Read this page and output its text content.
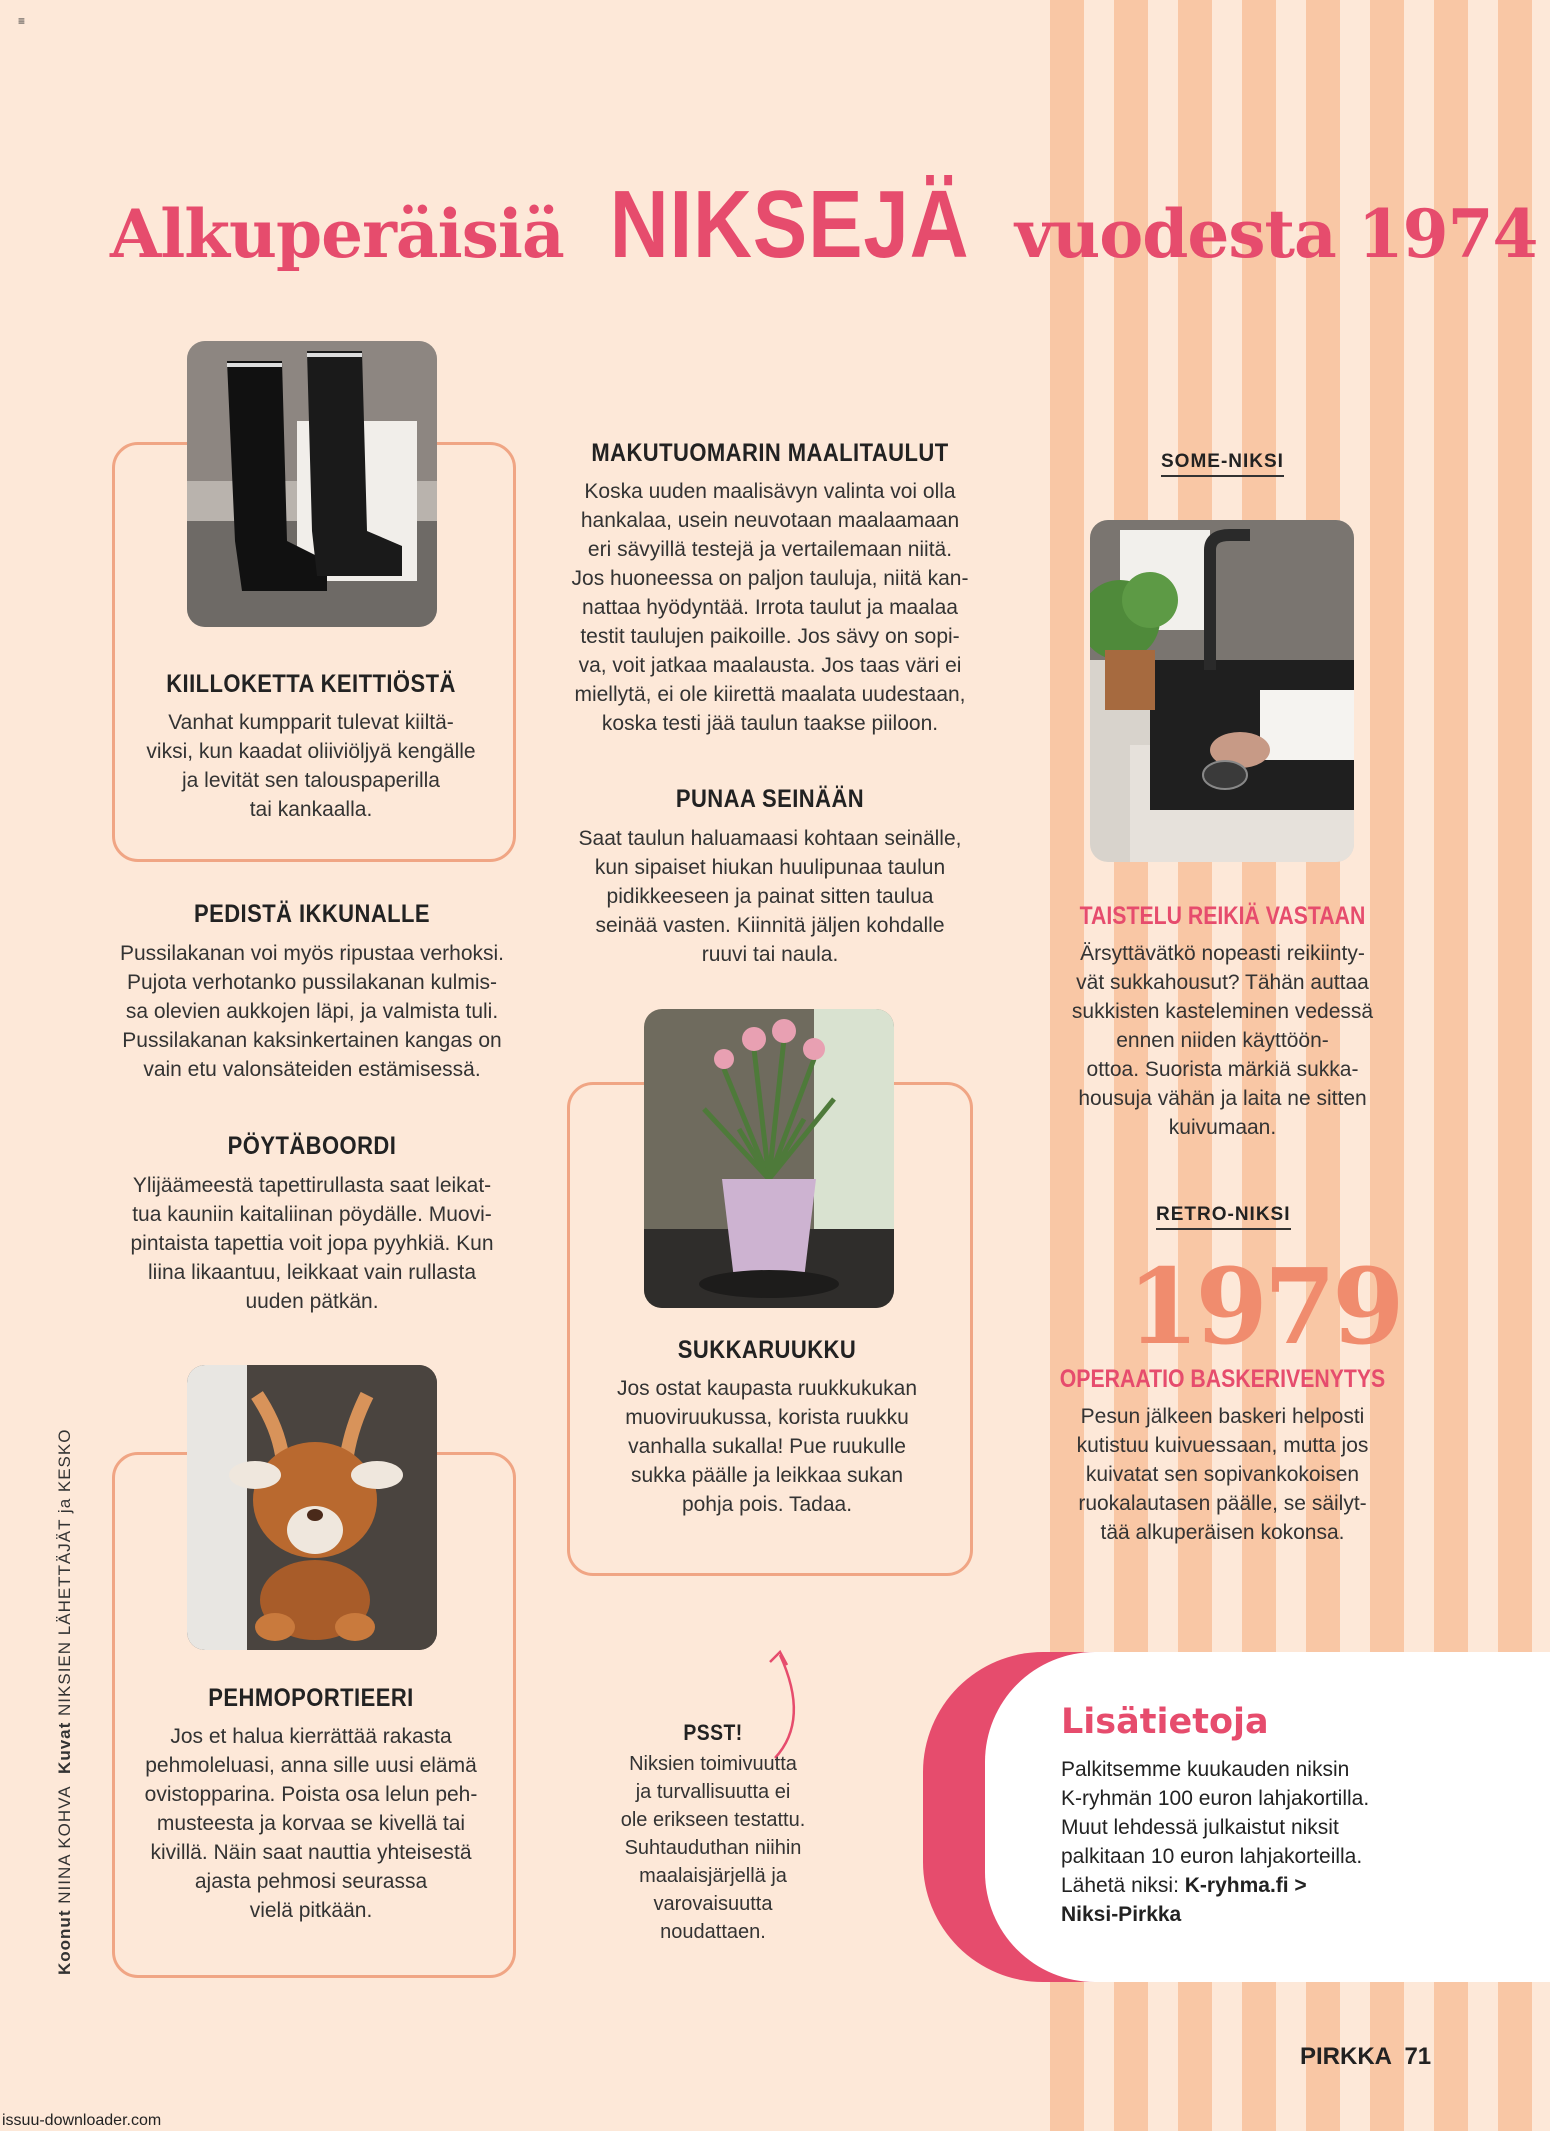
≡
Alkuperäisiä NIKSEJÄ vuodesta 1974
KIILLOKETTA KEITTIÖSTÄ
Vanhat kumpparit tulevat kiiltä-
viksi, kun kaadat oliiviöljyä kengälle
ja levität sen talouspaperilla
tai kankaalla.
PEDISTÄ IKKUNALLE
Pussilakanan voi myös ripustaa verhoksi.
Pujota verhotanko pussilakanan kulmis-
sa olevien aukkojen läpi, ja valmista tuli.
Pussilakanan kaksinkertainen kangas on
vain etu valonsäteiden estämisessä.
PÖYTÄBOORDI
Ylijäämeestä tapettirullasta saat leikat-
tua kauniin kaitaliinan pöydälle. Muovi-
pintaista tapettia voit jopa pyyhkiä. Kun
liina likaantuu, leikkaat vain rullasta
uuden pätkän.
PEHMOPORTIEERI
Jos et halua kierrättää rakasta
pehmoleluasi, anna sille uusi elämä
ovistopparina. Poista osa lelun peh-
musteesta ja korvaa se kivellä tai
kivillä. Näin saat nauttia yhteisestä
ajasta pehmosi seurassa
vielä pitkään.
MAKUTUOMARIN MAALITAULUT
Koska uuden maalisävyn valinta voi olla
hankalaa, usein neuvotaan maalaamaan
eri sävyillä testejä ja vertailemaan niitä.
Jos huoneessa on paljon tauluja, niitä kan-
nattaa hyödyntää. Irrota taulut ja maalaa
testit taulujen paikoille. Jos sävy on sopi-
va, voit jatkaa maalausta. Jos taas väri ei
miellytä, ei ole kiirettä maalata uudestaan,
koska testi jää taulun taakse piiloon.
PUNAA SEINÄÄN
Saat taulun haluamaasi kohtaan seinälle,
kun sipaiset hiukan huulipunaa taulun
pidikkeeseen ja painat sitten taulua
seinää vasten. Kiinnitä jäljen kohdalle
ruuvi tai naula.
SUKKARUUKKU
Jos ostat kaupasta ruukkukukan
muoviruukussa, korista ruukku
vanhalla sukalla! Pue ruukulle
sukka päälle ja leikkaa sukan
pohja pois. Tadaa.
PSST!
Niksien toimivuutta
ja turvallisuutta ei
ole erikseen testattu.
Suhtauduthan niihin
maalaisjärjellä ja
varovaisuutta
noudattaen.
SOME-NIKSI
TAISTELU REIKIÄ VASTAAN
Ärsyttävätkö nopeasti reikiinty-
vät sukkahousut? Tähän auttaa
sukkisten kasteleminen vedessä
ennen niiden käyttöön-
ottoa. Suorista märkiä sukka-
housuja vähän ja laita ne sitten
kuivumaan.
RETRO-NIKSI
1979
OPERAATIO BASKERIVENYTYS
Pesun jälkeen baskeri helposti
kutistuu kuivuessaan, mutta jos
kuivatat sen sopivankokoisen
ruokalautasen päälle, se säilyt-
tää alkuperäisen kokonsa.
Lisätietoja
Palkitsemme kuukauden niksin
K-ryhmän 100 euron lahjakortilla.
Muut lehdessä julkaistut niksit
palkitaan 10 euron lahjakorteilla.
Lähetä niksi: K-ryhma.fi >
Niksi-Pirkka
Koonut NIINA KOHVA  Kuvat NIKSIEN LÄHETTÄJÄT ja KESKO
PIRKKA  71
issuu-downloader.com
